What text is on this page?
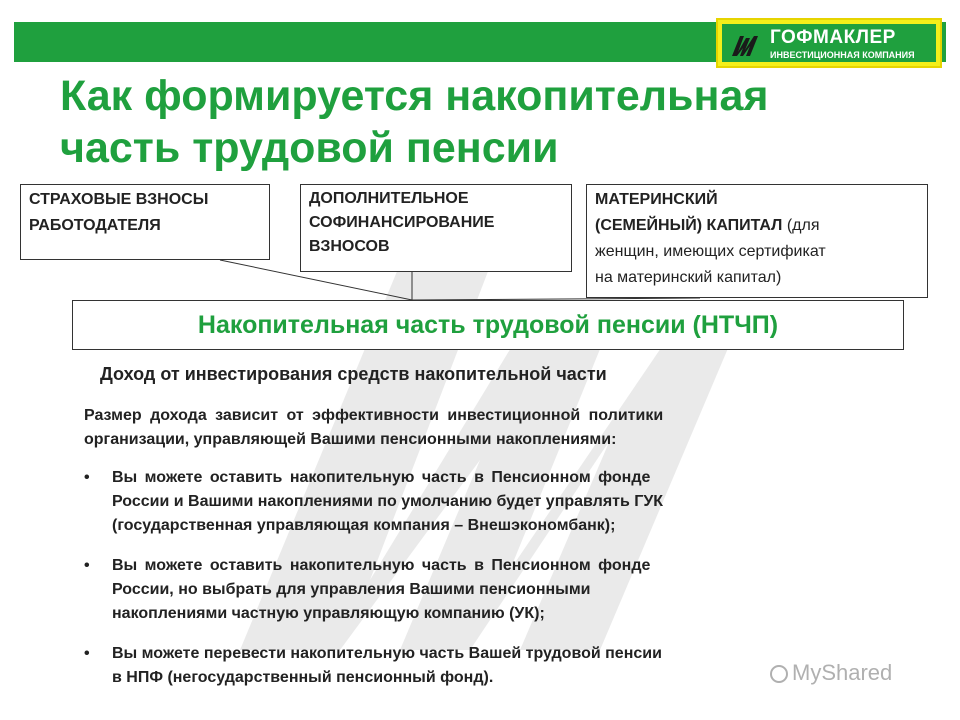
ГОФМАКЛЕР
ИНВЕСТИЦИОННАЯ КОМПАНИЯ
Как формируется накопительная
часть трудовой пенсии
СТРАХОВЫЕ ВЗНОСЫ
РАБОТОДАТЕЛЯ
ДОПОЛНИТЕЛЬНОЕ
СОФИНАНСИРОВАНИЕ
ВЗНОСОВ
МАТЕРИНСКИЙ
(СЕМЕЙНЫЙ) КАПИТАЛ (для
женщин, имеющих сертификат
на материнский капитал)
Накопительная часть трудовой пенсии (НТЧП)
Доход от инвестирования средств накопительной части
Размер дохода зависит от эффективности инвестиционной политики
организации, управляющей Вашими пенсионными накоплениями:
• Вы можете оставить накопительную часть в Пенсионном фонде
России и Вашими накоплениями по умолчанию будет управлять ГУК
(государственная управляющая компания – Внешэкономбанк);
• Вы можете оставить накопительную часть в Пенсионном фонде
России, но выбрать для управления Вашими пенсионными
накоплениями частную управляющую компанию (УК);
• Вы можете перевести накопительную часть Вашей трудовой пенсии
в НПФ (негосударственный пенсионный фонд).	MyShared
